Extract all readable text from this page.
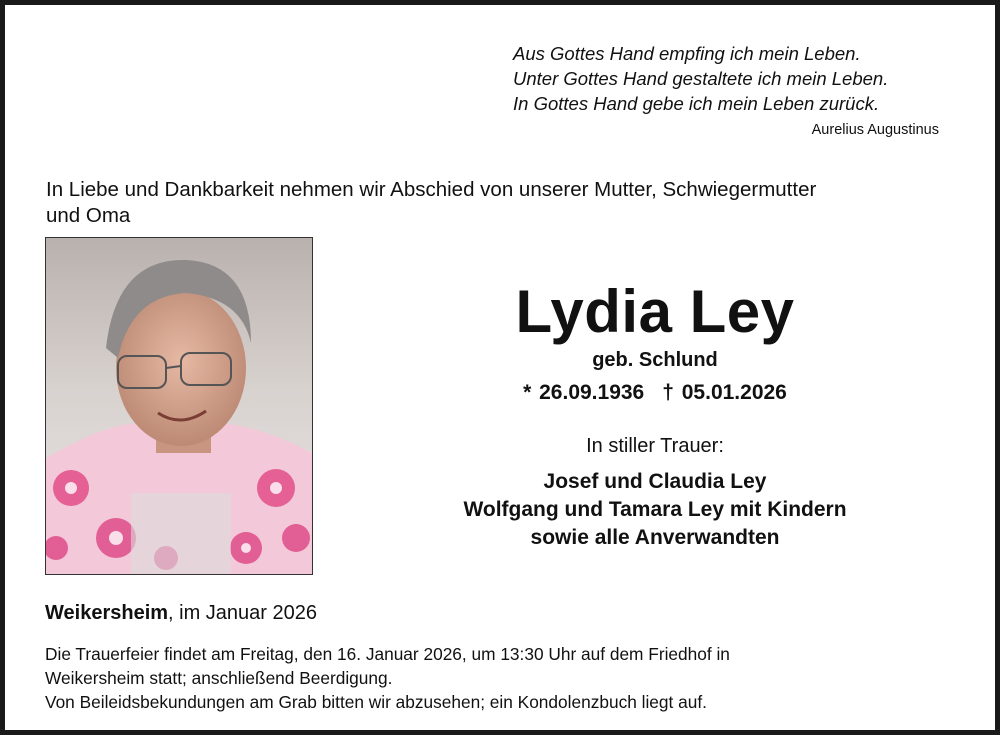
Aus Gottes Hand empfing ich mein Leben.
Unter Gottes Hand gestaltete ich mein Leben.
In Gottes Hand gebe ich mein Leben zurück.
Aurelius Augustinus
In Liebe und Dankbarkeit nehmen wir Abschied von unserer Mutter, Schwiegermutter
und Oma
Lydia Ley
geb. Schlund
* 26.09.1936 † 05.01.2026
In stiller Trauer:
Josef und Claudia Ley
Wolfgang und Tamara Ley mit Kindern
sowie alle Anverwandten
Weikersheim, im Januar 2026
Die Trauerfeier findet am Freitag, den 16. Januar 2026, um 13:30 Uhr auf dem Friedhof in
Weikersheim statt; anschließend Beerdigung.
Von Beileidsbekundungen am Grab bitten wir abzusehen; ein Kondolenzbuch liegt auf.
